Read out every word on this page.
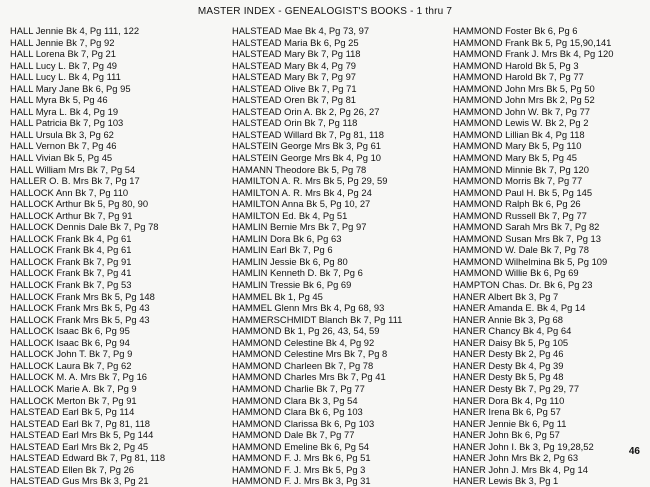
MASTER INDEX - GENEALOGIST'S BOOKS - 1 thru 7
HALL Jennie Bk 4, Pg 111, 122
HALL Jennie Bk 7, Pg 92
HALL Lorena Bk 7, Pg 21
HALL Lucy L. Bk 7, Pg 49
HALL Lucy L. Bk 4, Pg 111
HALL Mary Jane Bk 6, Pg 95
HALL Myra Bk 5, Pg 46
HALL Myra L. Bk 4, Pg 19
HALL Patricia Bk 7, Pg 103
HALL Ursula Bk 3, Pg 62
HALL Vernon Bk 7, Pg 46
HALL Vivian Bk 5, Pg 45
HALL William Mrs Bk 7, Pg 54
HALLER O. B. Mrs Bk 7, Pg 17
HALLOCK Ann Bk 7, Pg 110
HALLOCK Arthur Bk 5, Pg 80, 90
HALLOCK Arthur Bk 7, Pg 91
HALLOCK Dennis Dale Bk 7, Pg 78
HALLOCK Frank Bk 4, Pg 61
HALLOCK Frank Bk 4, Pg 61
HALLOCK Frank Bk 7, Pg 91
HALLOCK Frank Bk 7, Pg 41
HALLOCK Frank Bk 7, Pg 53
HALLOCK Frank Mrs Bk 5, Pg 148
HALLOCK Frank Mrs Bk 5, Pg 43
HALLOCK Frank Mrs Bk 5, Pg 43
HALLOCK Isaac Bk 6, Pg 95
HALLOCK Isaac Bk 6, Pg 94
HALLOCK John T. Bk 7, Pg 9
HALLOCK Laura Bk 7, Pg 62
HALLOCK M. A. Mrs Bk 7, Pg 16
HALLOCK Marie A. Bk 7, Pg 9
HALLOCK Merton Bk 7, Pg 91
HALSTEAD Earl Bk 5, Pg 114
HALSTEAD Earl Bk 7, Pg 81, 118
HALSTEAD Earl Mrs Bk 5, Pg 144
HALSTEAD Earl Mrs Bk 2, Pg 45
HALSTEAD Edward Bk 7, Pg 81, 118
HALSTEAD Ellen Bk 7, Pg 26
HALSTEAD Gus Mrs Bk 3, Pg 21
HALSTEAD Mae Bk 4, Pg 73, 97
HALSTEAD Maria Bk 6, Pg 25
HALSTEAD Mary Bk 7, Pg 118
HALSTEAD Mary Bk 4, Pg 79
HALSTEAD Mary Bk 7, Pg 97
HALSTEAD Olive Bk 7, Pg 71
HALSTEAD Oren Bk 7, Pg 81
HALSTEAD Orin A. Bk 2, Pg 26, 27
HALSTEAD Orin Bk 7, Pg 118
HALSTEAD Willard Bk 7, Pg 81, 118
HALSTEIN George Mrs Bk 3, Pg 61
HALSTEIN George Mrs Bk 4, Pg 10
HAMANN Theodore Bk 5, Pg 78
HAMILTON A. R. Mrs Bk 5, Pg 29, 59
HAMILTON A. R. Mrs Bk 4, Pg 24
HAMILTON Anna Bk 5, Pg 10, 27
HAMILTON Ed. Bk 4, Pg 51
HAMLIN Bernie Mrs Bk 7, Pg 97
HAMLIN Dora Bk 6, Pg 63
HAMLIN Earl Bk 7, Pg 6
HAMLIN Jessie Bk 6, Pg 80
HAMLIN Kenneth D. Bk 7, Pg 6
HAMLIN Tressie Bk 6, Pg 69
HAMMEL Bk 1, Pg 45
HAMMEL Glenn Mrs Bk 4, Pg 68, 93
HAMMERSCHMIDT Blanch Bk 7, Pg 111
HAMMOND Bk 1, Pg 26, 43, 54, 59
HAMMOND Celestine Bk 4, Pg 92
HAMMOND Celestine Mrs Bk 7, Pg 8
HAMMOND Charleen Bk 7, Pg 78
HAMMOND Charles Mrs Bk 7, Pg 41
HAMMOND Charlie Bk 7, Pg 77
HAMMOND Clara Bk 3, Pg 54
HAMMOND Clara Bk 6, Pg 103
HAMMOND Clarissa Bk 6, Pg 103
HAMMOND Dale Bk 7, Pg 77
HAMMOND Emeline Bk 6, Pg 54
HAMMOND F. J. Mrs Bk 6, Pg 51
HAMMOND F. J. Mrs Bk 5, Pg 3
HAMMOND F. J. Mrs Bk 3, Pg 31
HAMMOND Foster Bk 6, Pg 6
HAMMOND Frank Bk 5, Pg 15,90,141
HAMMOND Frank J. Mrs Bk 4, Pg 120
HAMMOND Harold Bk 5, Pg 3
HAMMOND Harold Bk 7, Pg 77
HAMMOND John Mrs Bk 5, Pg 50
HAMMOND John Mrs Bk 2, Pg 52
HAMMOND John W. Bk 7, Pg 77
HAMMOND Lewis W. Bk 2, Pg 2
HAMMOND Lillian Bk 4, Pg 118
HAMMOND Mary Bk 5, Pg 110
HAMMOND Mary Bk 5, Pg 45
HAMMOND Minnie Bk 7, Pg 120
HAMMOND Morris Bk 7, Pg 77
HAMMOND Paul H. Bk 5, Pg 145
HAMMOND Ralph Bk 6, Pg 26
HAMMOND Russell Bk 7, Pg 77
HAMMOND Sarah Mrs Bk 7, Pg 82
HAMMOND Susan Mrs Bk 7, Pg 13
HAMMOND W. Dale Bk 7, Pg 78
HAMMOND Wilhelmina Bk 5, Pg 109
HAMMOND Willie Bk 6, Pg 69
HAMPTON Chas. Dr. Bk 6, Pg 23
HANER Albert Bk 3, Pg 7
HANER Amanda E. Bk 4, Pg 14
HANER Annie Bk 3, Pg 68
HANER Chancy Bk 4, Pg 64
HANER Daisy Bk 5, Pg 105
HANER Desty Bk 2, Pg 46
HANER Desty Bk 4, Pg 39
HANER Desty Bk 5, Pg 48
HANER Desty Bk 7, Pg 29, 77
HANER Dora Bk 4, Pg 110
HANER Irena Bk 6, Pg 57
HANER Jennie Bk 6, Pg 11
HANER John Bk 6, Pg 57
HANER John I. Bk 3, Pg 19,28,52
HANER John Mrs Bk 2, Pg 63
HANER John J. Mrs Bk 4, Pg 14
HANER Lewis Bk 3, Pg 1
46
